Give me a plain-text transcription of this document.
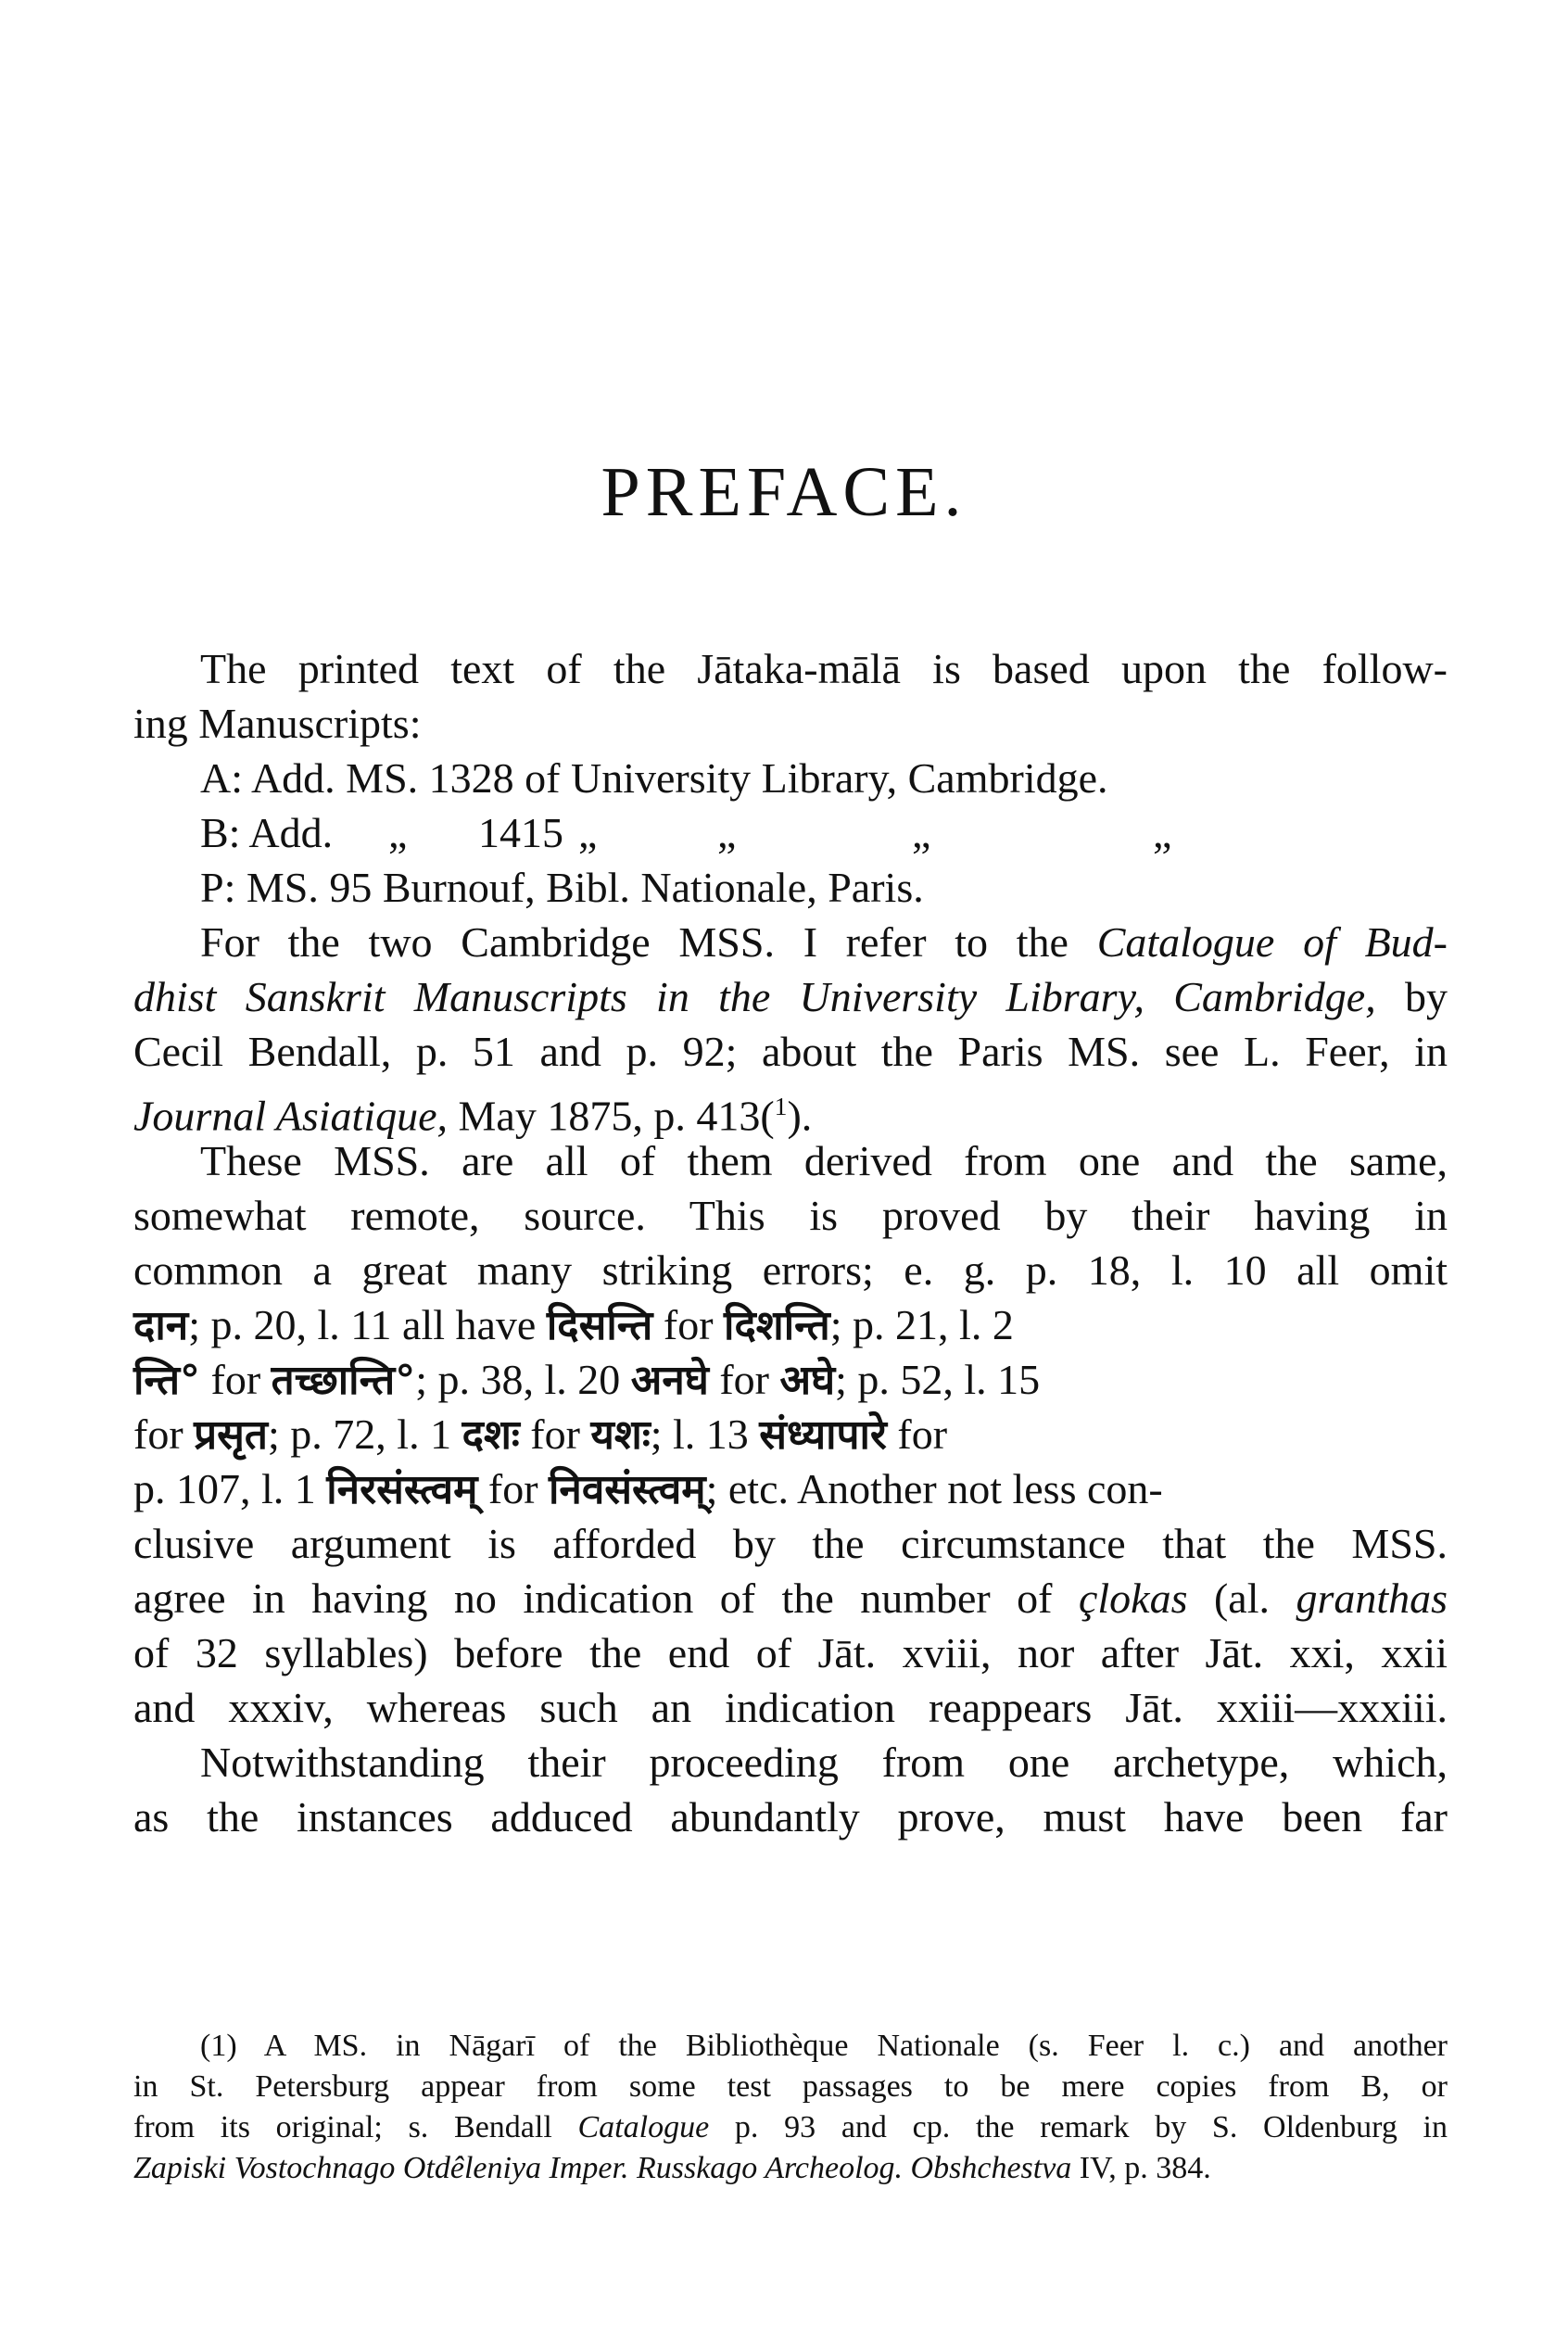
PREFACE.
The printed text of the Jātaka-mālā is based upon the follow-
ing Manuscripts:
A: Add. MS. 1328 of University Library, Cambridge.
B: Add. „ 1415 „	„	„	„
P: MS. 95 Burnouf, Bibl. Nationale, Paris.
For the two Cambridge MSS. I refer to the Catalogue of Bud-
dhist Sanskrit Manuscripts in the University Library, Cambridge, by
Cecil Bendall, p. 51 and p. 92; about the Paris MS. see L. Feer, in
Journal Asiatique, May 1875, p. 413($^1$).
These MSS. are all of them derived from one and the same,
somewhat remote, source. This is proved by their having in
common a great many striking errors; e. g. p. 18, l. 10 all omit
दान; p. 20, l. 11 all have दिसन्ति for दिशन्ति; p. 21, l. 2
न्ति° for तच्छान्ति°; p. 38, l. 20 अनघे for अघे; p. 52, l. 15
for प्रसृत; p. 72, l. 1 दशः for यशः; l. 13 संध्यापारे for
p. 107, l. 1 निरसंस्त्वम् for निवसंस्त्वम्; etc. Another not less con-
clusive argument is afforded by the circumstance that the MSS.
agree in having no indication of the number of çlokas (al. granthas
of 32 syllables) before the end of Jāt. xviii, nor after Jāt. xxi, xxii
and xxxiv, whereas such an indication reappears Jāt. xxiii—xxxiii.
Notwithstanding their proceeding from one archetype, which,
as the instances adduced abundantly prove, must have been far
(1) A MS. in Nāgarī of the Bibliothèque Nationale (s. Feer l. c.) and another
in St. Petersburg appear from some test passages to be mere copies from B, or
from its original; s. Bendall Catalogue p. 93 and cp. the remark by S. Oldenburg in
Zapiski Vostochnago Otdêleniya Imper. Russkago Archeolog. Obshchestva IV, p. 384.
